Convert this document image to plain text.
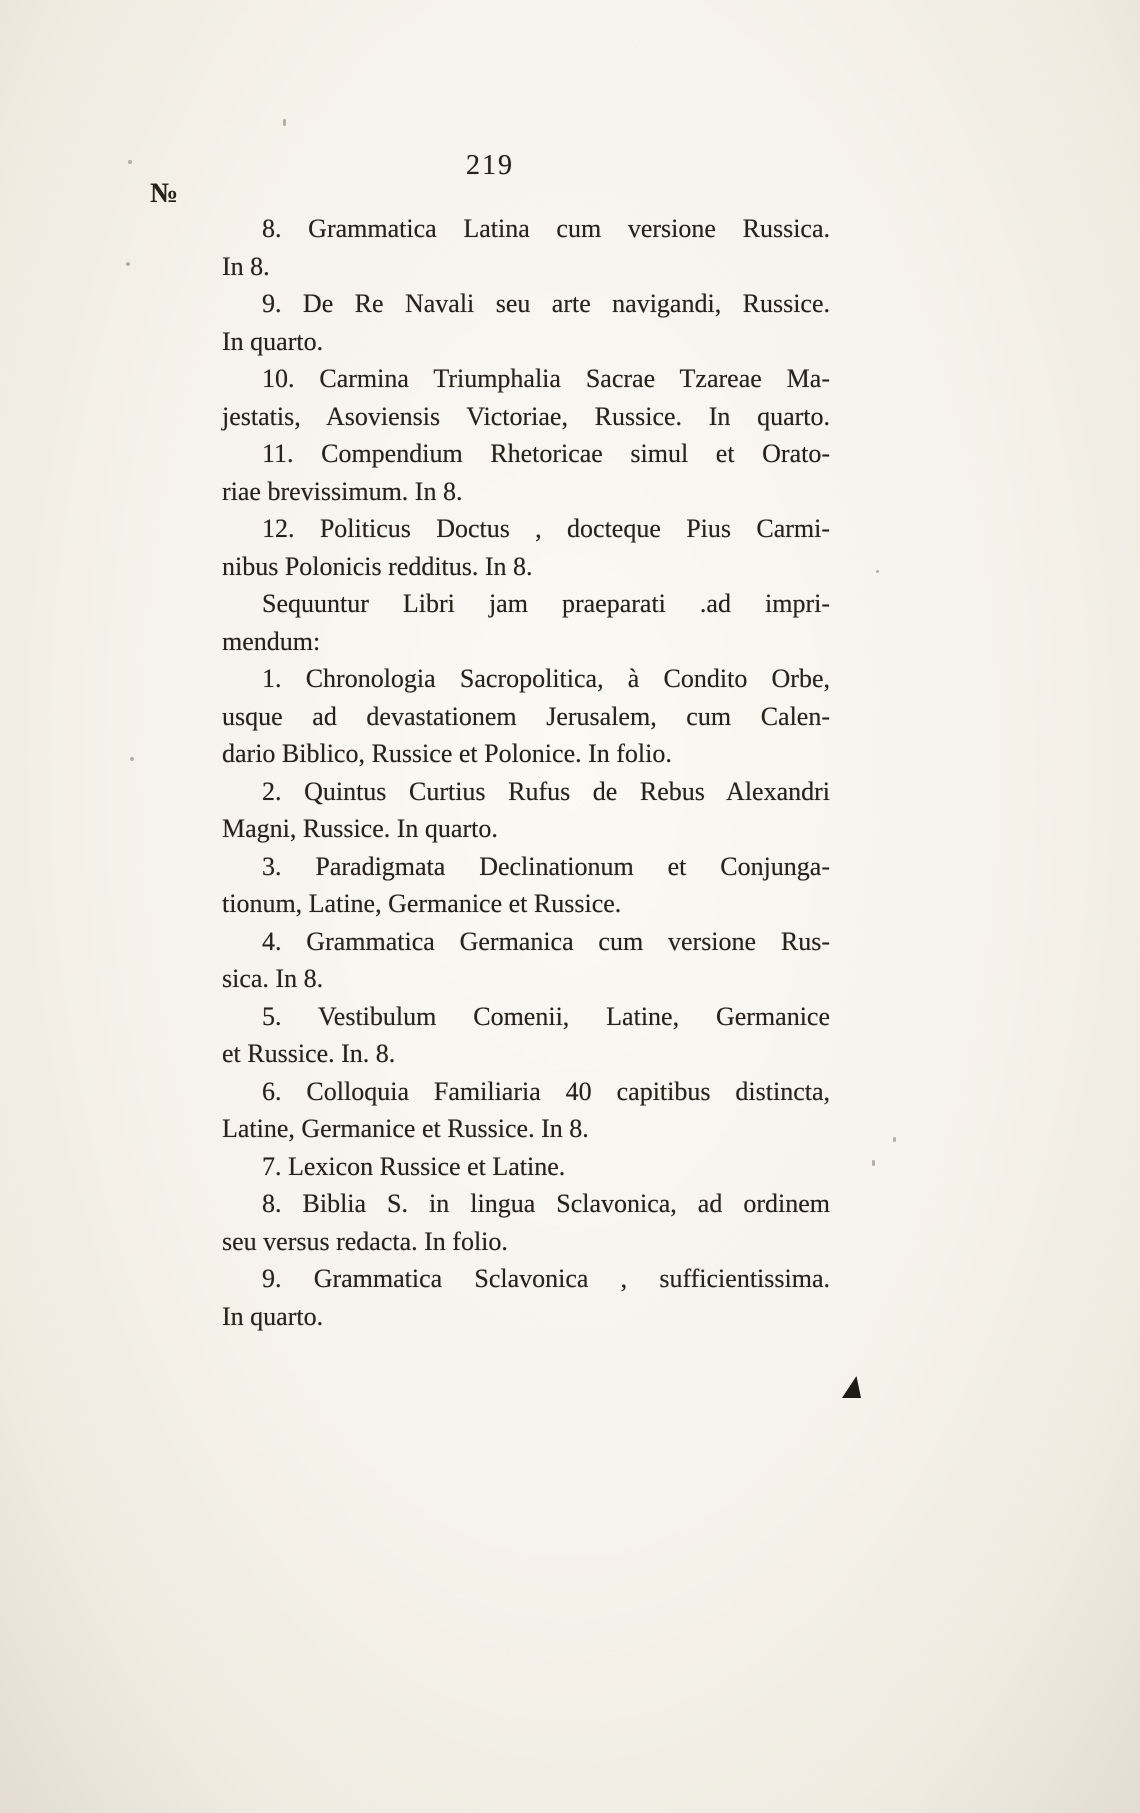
219
№
8. Grammatica Latina cum versione Russica.
In 8.
9. De Re Navali seu arte navigandi, Russice.
In quarto.
10. Carmina Triumphalia Sacrae Tzareae Ma-
jestatis, Asoviensis Victoriae, Russice. In quarto.
11. Compendium Rhetoricae simul et Orato-
riae brevissimum. In 8.
12. Politicus Doctus , docteque Pius Carmi-
nibus Polonicis redditus. In 8.
Sequuntur Libri jam praeparati .ad impri-
mendum:
1. Chronologia Sacropolitica, à Condito Orbe,
usque ad devastationem Jerusalem, cum Calen-
dario Biblico, Russice et Polonice. In folio.
2. Quintus Curtius Rufus de Rebus Alexandri
Magni, Russice. In quarto.
3. Paradigmata Declinationum et Conjunga-
tionum, Latine, Germanice et Russice.
4. Grammatica Germanica cum versione Rus-
sica. In 8.
5. Vestibulum Comenii, Latine, Germanice
et Russice. In. 8.
6. Colloquia Familiaria 40 capitibus distincta,
Latine, Germanice et Russice. In 8.
7. Lexicon Russice et Latine.
8. Biblia S. in lingua Sclavonica, ad ordinem
seu versus redacta. In folio.
9. Grammatica Sclavonica , sufficientissima.
In quarto.
